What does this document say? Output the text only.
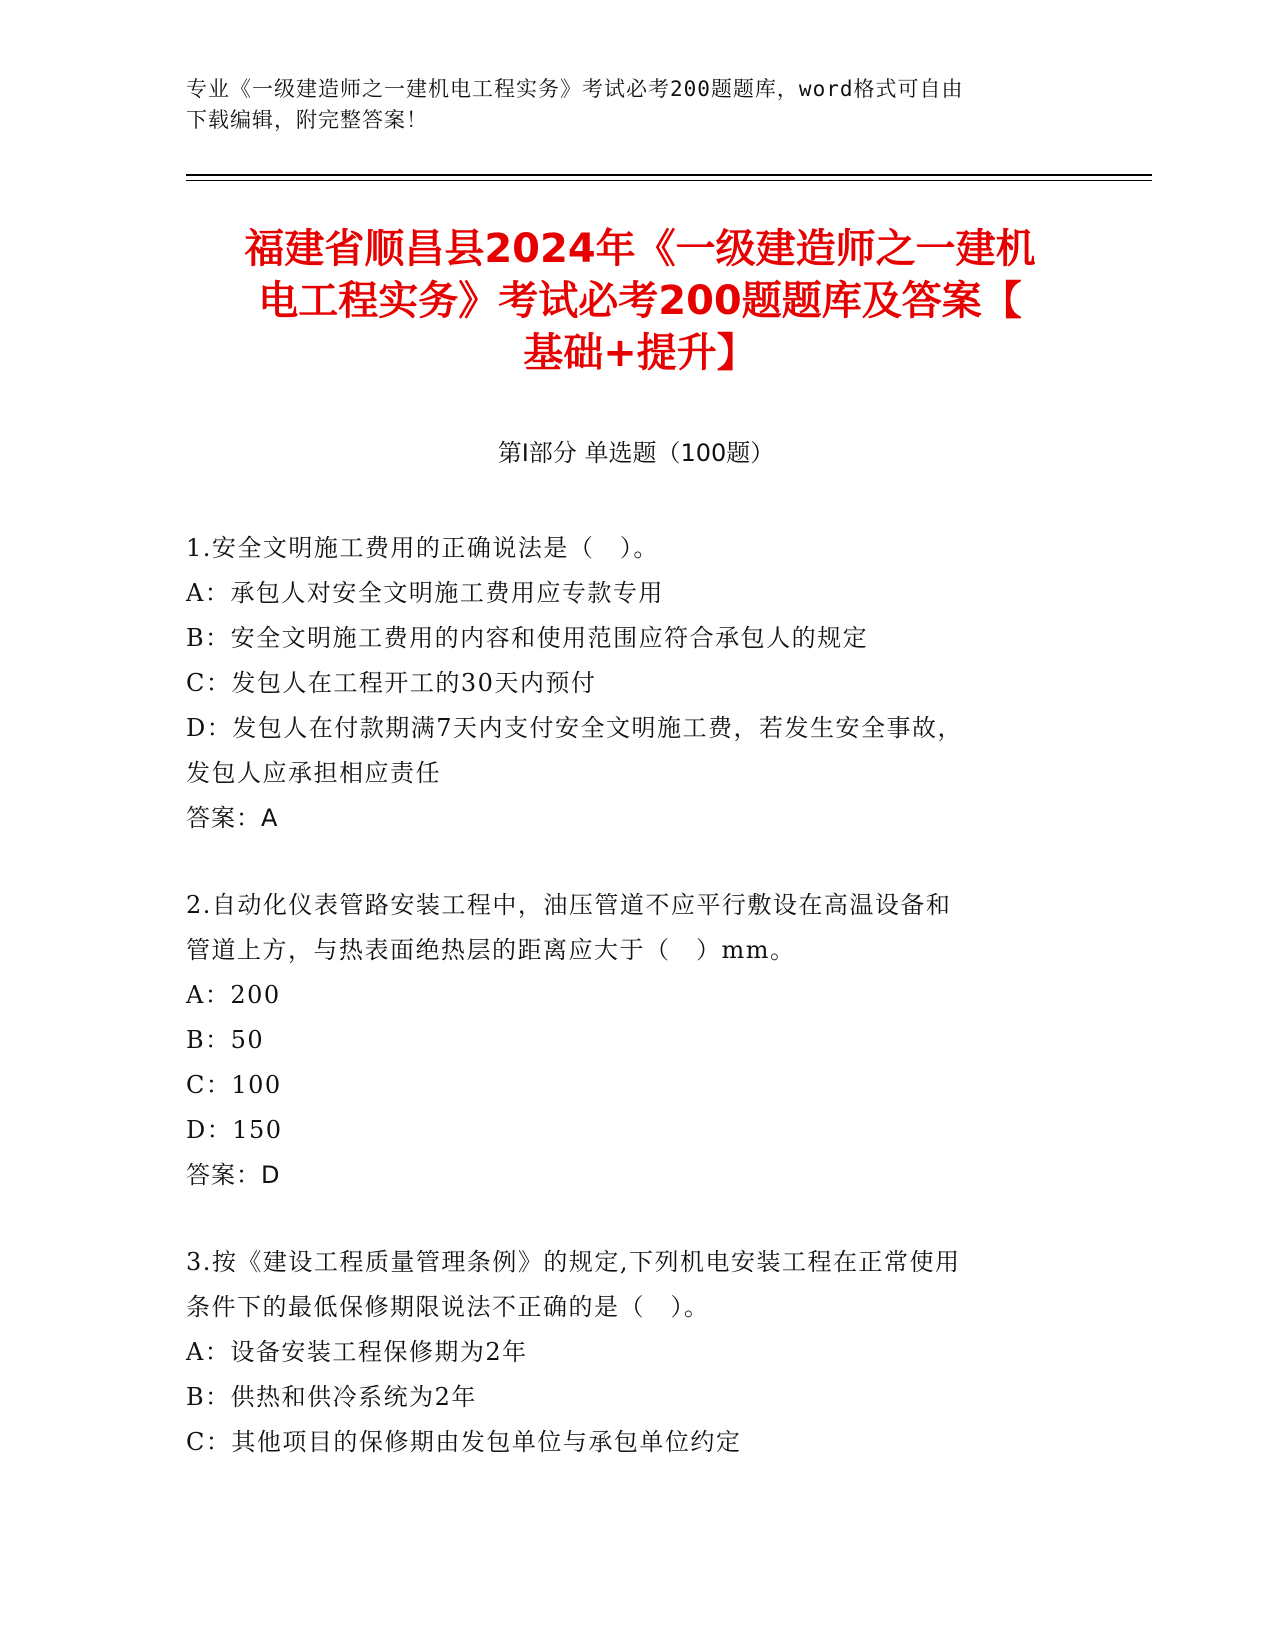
专业《一级建造师之一建机电工程实务》考试必考200题题库，word格式可自由
下载编辑，附完整答案！
福建省顺昌县2024年《一级建造师之一建机
电工程实务》考试必考200题题库及答案【
基础+提升】
第Ⅰ部分 单选题（100题）
1.安全文明施工费用的正确说法是（　）。
A：承包人对安全文明施工费用应专款专用
B：安全文明施工费用的内容和使用范围应符合承包人的规定
C：发包人在工程开工的30天内预付
D：发包人在付款期满7天内支付安全文明施工费，若发生安全事故，
发包人应承担相应责任
答案：A
2.自动化仪表管路安装工程中，油压管道不应平行敷设在高温设备和
管道上方，与热表面绝热层的距离应大于（　）mm。
A：200
B：50
C：100
D：150
答案：D
3.按《建设工程质量管理条例》的规定,下列机电安装工程在正常使用
条件下的最低保修期限说法不正确的是（　）。
A：设备安装工程保修期为2年
B：供热和供冷系统为2年
C：其他项目的保修期由发包单位与承包单位约定
